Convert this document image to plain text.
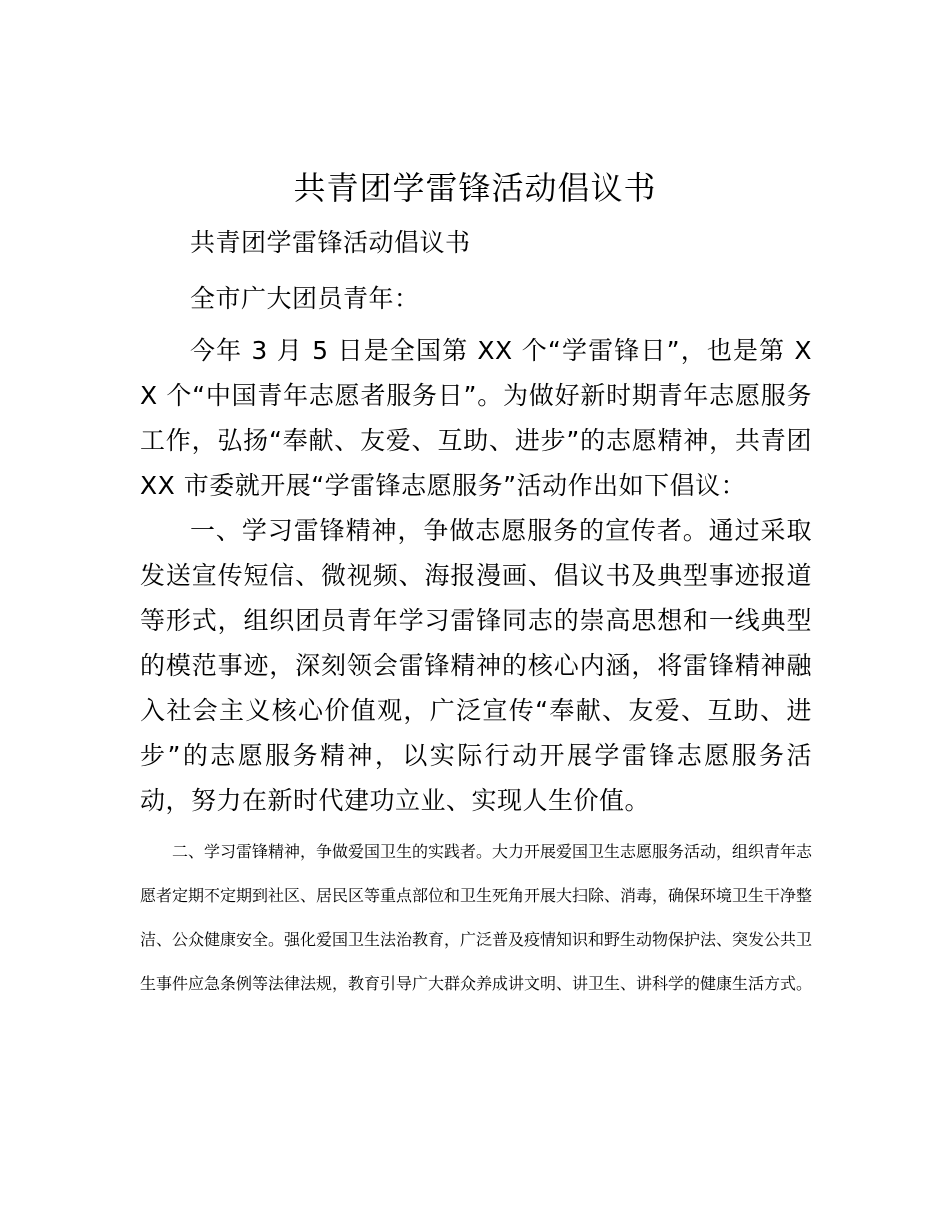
共青团学雷锋活动倡议书

共青团学雷锋活动倡议书

全市广大团员青年：

今年 3 月 5 日是全国第 XX 个“学雷锋日”，也是第 XX 个“中国青年志愿者服务日”。为做好新时期青年志愿服务工作，弘扬“奉献、友爱、互助、进步”的志愿精神，共青团 XX 市委就开展“学雷锋志愿服务”活动作出如下倡议：

一、学习雷锋精神，争做志愿服务的宣传者。通过采取发送宣传短信、微视频、海报漫画、倡议书及典型事迹报道等形式，组织团员青年学习雷锋同志的崇高思想和一线典型的模范事迹，深刻领会雷锋精神的核心内涵，将雷锋精神融入社会主义核心价值观，广泛宣传“奉献、友爱、互助、进步”的志愿服务精神，以实际行动开展学雷锋志愿服务活动，努力在新时代建功立业、实现人生价值。

二、学习雷锋精神，争做爱国卫生的实践者。大力开展爱国卫生志愿服务活动，组织青年志愿者定期不定期到社区、居民区等重点部位和卫生死角开展大扫除、消毒，确保环境卫生干净整洁、公众健康安全。强化爱国卫生法治教育，广泛普及疫情知识和野生动物保护法、突发公共卫生事件应急条例等法律法规，教育引导广大群众养成讲文明、讲卫生、讲科学的健康生活方式。
